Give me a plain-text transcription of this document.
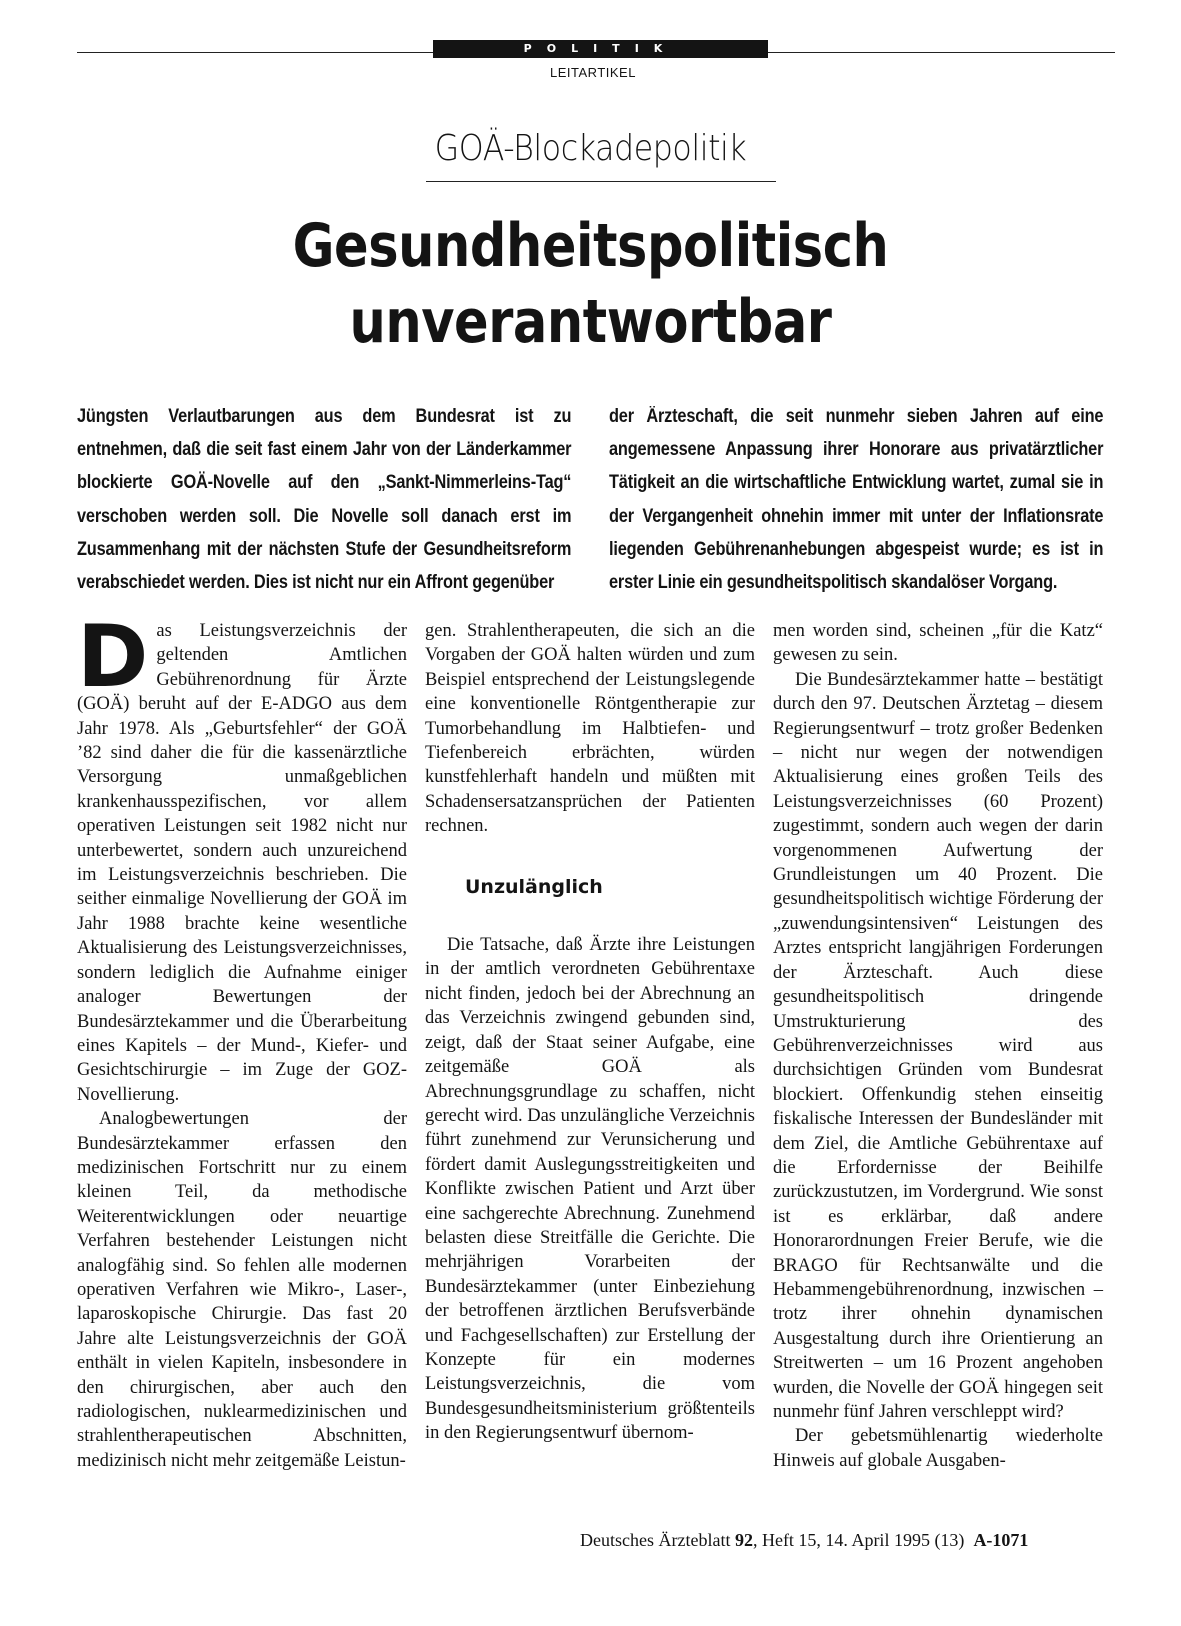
POLITIK
LEITARTIKEL
GOÄ-Blockadepolitik
Gesundheitspolitisch
unverantwortbar

Jüngsten Verlautbarungen aus dem Bundesrat ist zu entnehmen, daß die seit fast einem Jahr von der Länderkammer blockierte GOÄ-Novelle auf den „Sankt-Nimmerleins-Tag“ verschoben werden soll. Die Novelle soll danach erst im Zusammenhang mit der nächsten Stufe der Gesundheitsreform verabschiedet werden. Dies ist nicht nur ein Affront gegenüber

der Ärzteschaft, die seit nunmehr sieben Jahren auf eine angemessene Anpassung ihrer Honorare aus privatärztlicher Tätigkeit an die wirtschaftliche Entwicklung wartet, zumal sie in der Vergangenheit ohnehin immer mit unter der Inflationsrate liegenden Gebührenanhebungen abgespeist wurde; es ist in erster Linie ein gesundheitspolitisch skandalöser Vorgang.

Das Leistungsverzeichnis der geltenden Amtlichen Gebührenordnung für Ärzte (GOÄ) beruht auf der E-ADGO aus dem Jahr 1978. Als „Geburtsfehler“ der GOÄ ’82 sind daher die für die kassenärztliche Versorgung unmaßgeblichen krankenhausspezifischen, vor allem operativen Leistungen seit 1982 nicht nur unterbewertet, sondern auch unzureichend im Leistungsverzeichnis beschrieben. Die seither einmalige Novellierung der GOÄ im Jahr 1988 brachte keine wesentliche Aktualisierung des Leistungsverzeichnisses, sondern lediglich die Aufnahme einiger analoger Bewertungen der Bundesärztekammer und die Überarbeitung eines Kapitels – der Mund-, Kiefer- und Gesichtschirurgie – im Zuge der GOZ-Novellierung.

Analogbewertungen der Bundesärztekammer erfassen den medizinischen Fortschritt nur zu einem kleinen Teil, da methodische Weiterentwicklungen oder neuartige Verfahren bestehender Leistungen nicht analogfähig sind. So fehlen alle modernen operativen Verfahren wie Mikro-, Laser-, laparoskopische Chirurgie. Das fast 20 Jahre alte Leistungsverzeichnis der GOÄ enthält in vielen Kapiteln, insbesondere in den chirurgischen, aber auch den radiologischen, nuklearmedizinischen und strahlentherapeutischen Abschnitten, medizinisch nicht mehr zeitgemäße Leistun-

gen. Strahlentherapeuten, die sich an die Vorgaben der GOÄ halten würden und zum Beispiel entsprechend der Leistungslegende eine konventionelle Röntgentherapie zur Tumorbehandlung im Halbtiefen- und Tiefenbereich erbrächten, würden kunstfehlerhaft handeln und müßten mit Schadensersatzansprüchen der Patienten rechnen.

Unzulänglich

Die Tatsache, daß Ärzte ihre Leistungen in der amtlich verordneten Gebührentaxe nicht finden, jedoch bei der Abrechnung an das Verzeichnis zwingend gebunden sind, zeigt, daß der Staat seiner Aufgabe, eine zeitgemäße GOÄ als Abrechnungsgrundlage zu schaffen, nicht gerecht wird. Das unzulängliche Verzeichnis führt zunehmend zur Verunsicherung und fördert damit Auslegungsstreitigkeiten und Konflikte zwischen Patient und Arzt über eine sachgerechte Abrechnung. Zunehmend belasten diese Streitfälle die Gerichte. Die mehrjährigen Vorarbeiten der Bundesärztekammer (unter Einbeziehung der betroffenen ärztlichen Berufsverbände und Fachgesellschaften) zur Erstellung der Konzepte für ein modernes Leistungsverzeichnis, die vom Bundesgesundheitsministerium größtenteils in den Regierungsentwurf übernom-

men worden sind, scheinen „für die Katz“ gewesen zu sein.

Die Bundesärztekammer hatte – bestätigt durch den 97. Deutschen Ärztetag – diesem Regierungsentwurf – trotz großer Bedenken – nicht nur wegen der notwendigen Aktualisierung eines großen Teils des Leistungsverzeichnisses (60 Prozent) zugestimmt, sondern auch wegen der darin vorgenommenen Aufwertung der Grundleistungen um 40 Prozent. Die gesundheitspolitisch wichtige Förderung der „zuwendungsintensiven“ Leistungen des Arztes entspricht langjährigen Forderungen der Ärzteschaft. Auch diese gesundheitspolitisch dringende Umstrukturierung des Gebührenverzeichnisses wird aus durchsichtigen Gründen vom Bundesrat blockiert. Offenkundig stehen einseitig fiskalische Interessen der Bundesländer mit dem Ziel, die Amtliche Gebührentaxe auf die Erfordernisse der Beihilfe zurückzustutzen, im Vordergrund. Wie sonst ist es erklärbar, daß andere Honorarordnungen Freier Berufe, wie die BRAGO für Rechtsanwälte und die Hebammengebührenordnung, inzwischen – trotz ihrer ohnehin dynamischen Ausgestaltung durch ihre Orientierung an Streitwerten – um 16 Prozent angehoben wurden, die Novelle der GOÄ hingegen seit nunmehr fünf Jahren verschleppt wird?

Der gebetsmühlenartig wiederholte Hinweis auf globale Ausgaben-

Deutsches Ärzteblatt 92, Heft 15, 14. April 1995 (13) A-1071
